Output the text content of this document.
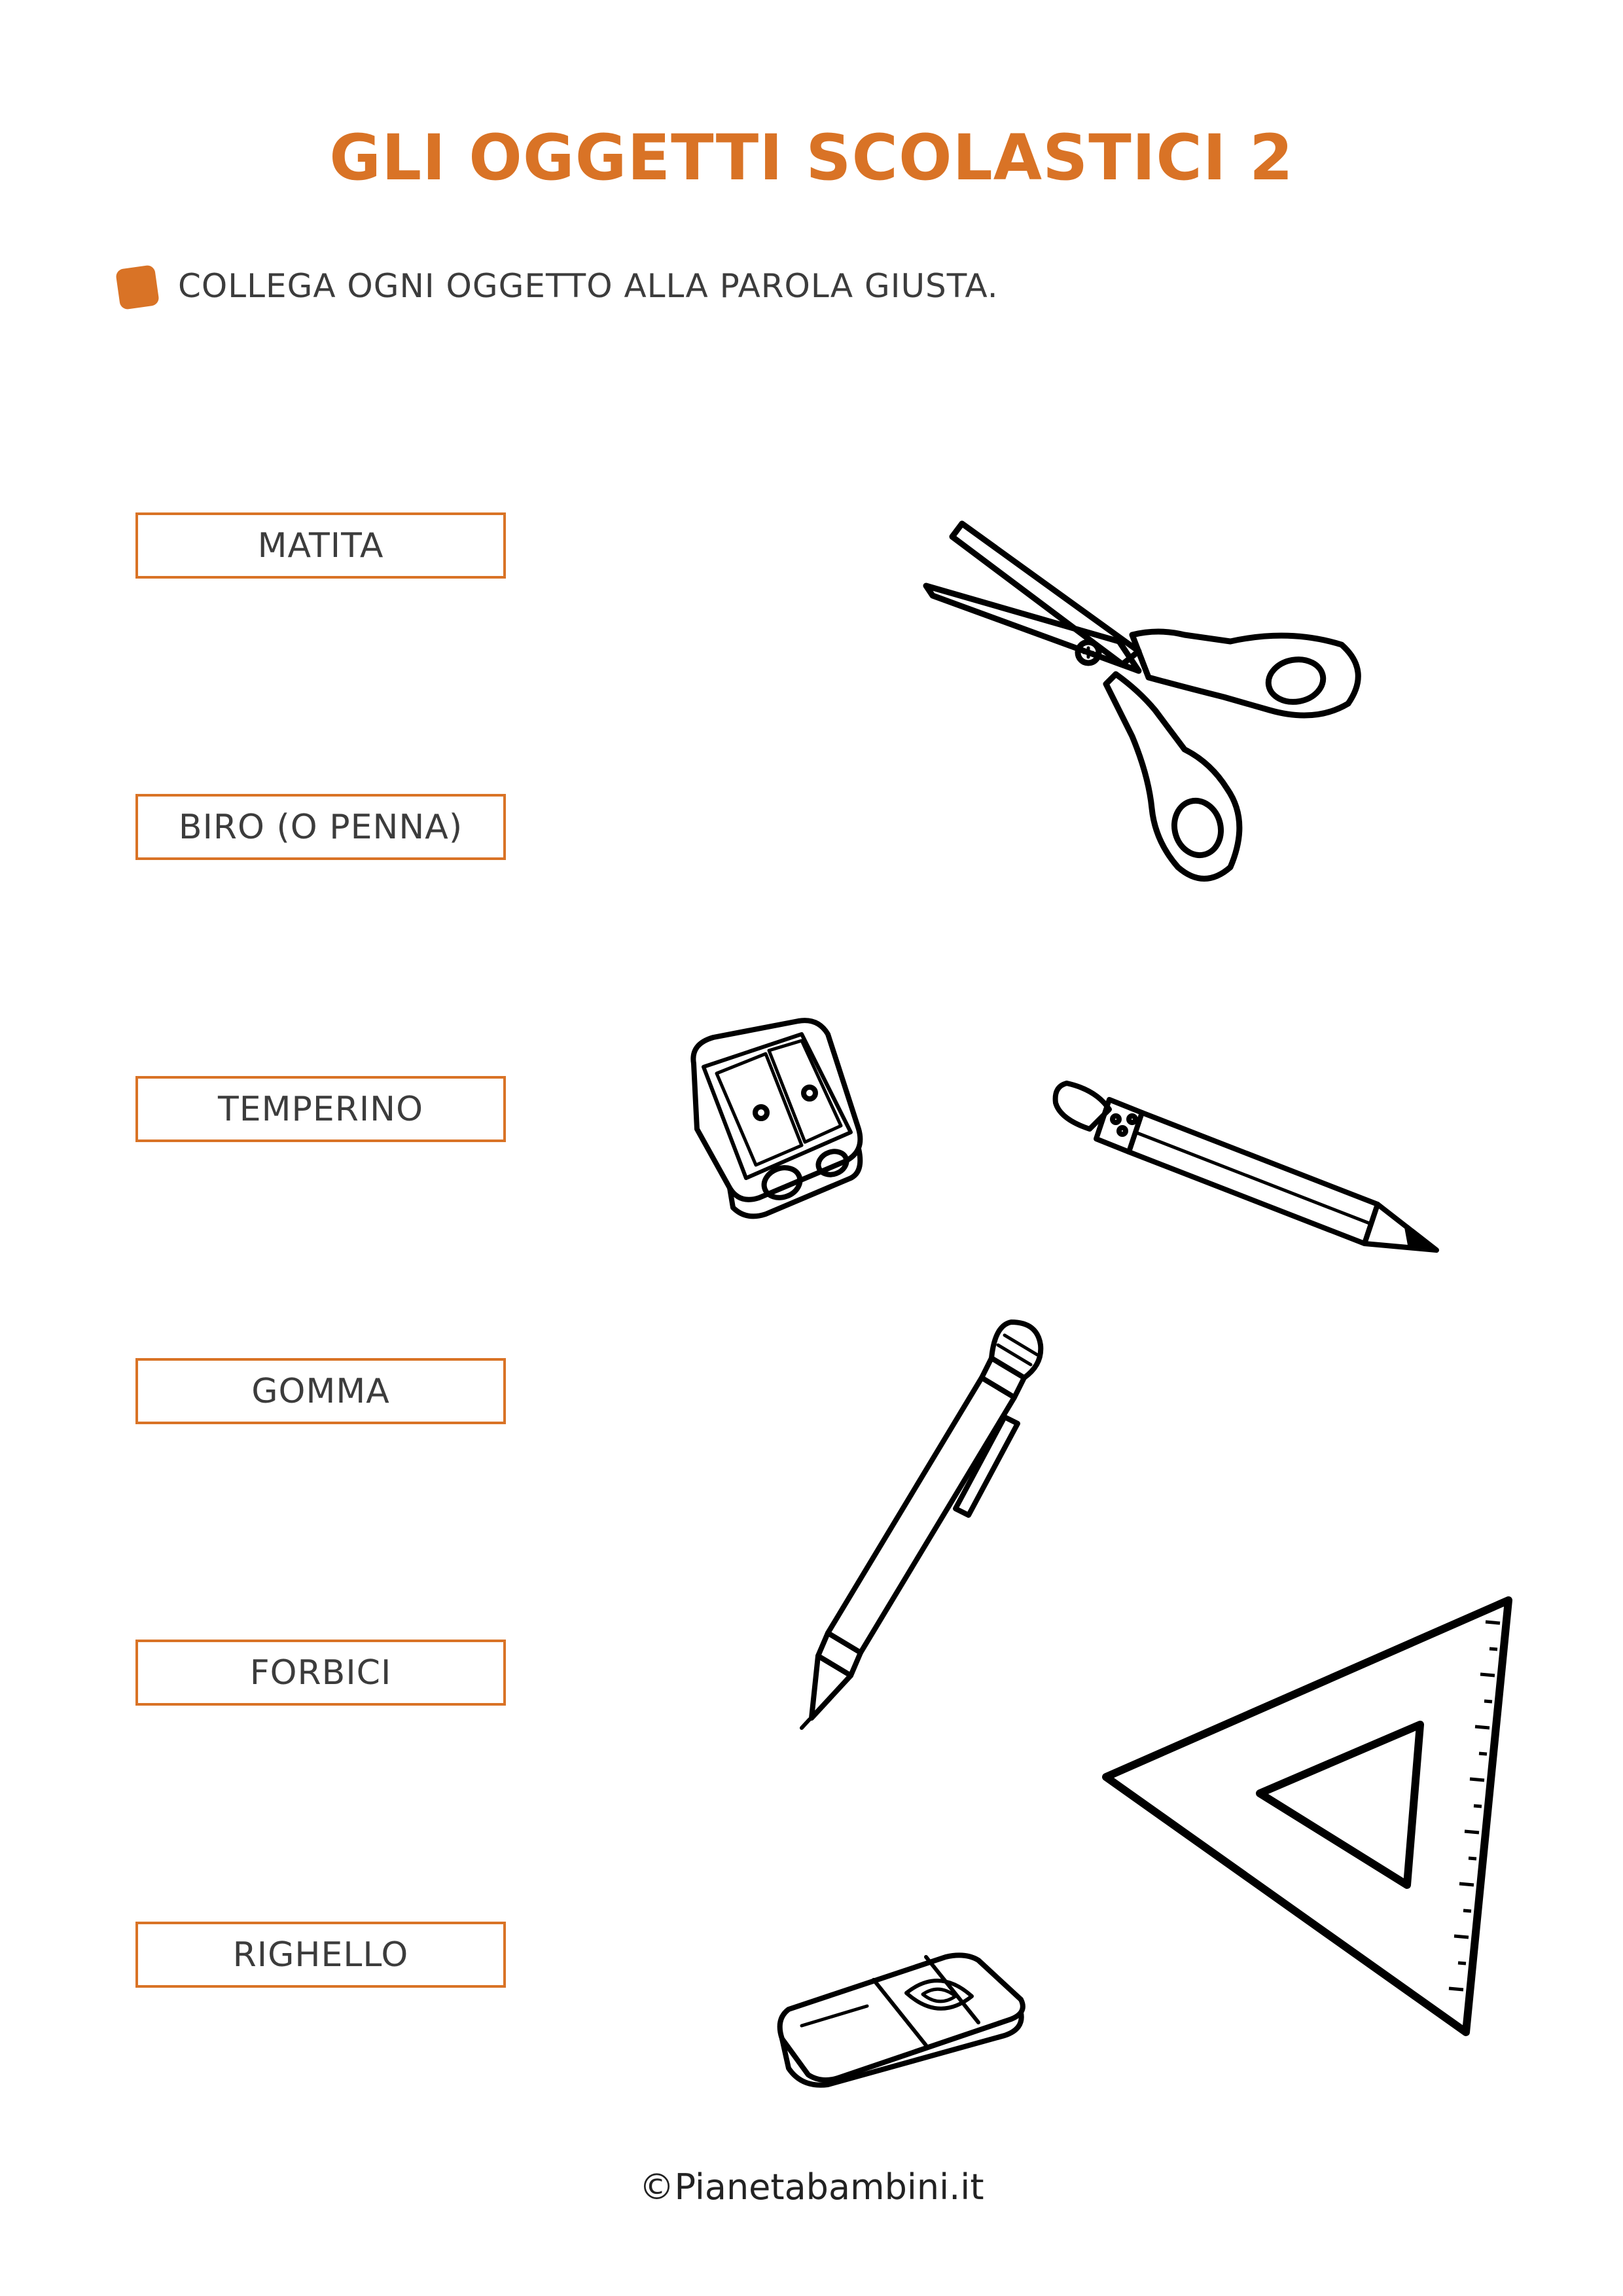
GLI OGGETTI SCOLASTICI 2
COLLEGA OGNI OGGETTO ALLA PAROLA GIUSTA.
MATITA
BIRO (O PENNA)
TEMPERINO
GOMMA
FORBICI
RIGHELLO
©Pianetabambini.it
